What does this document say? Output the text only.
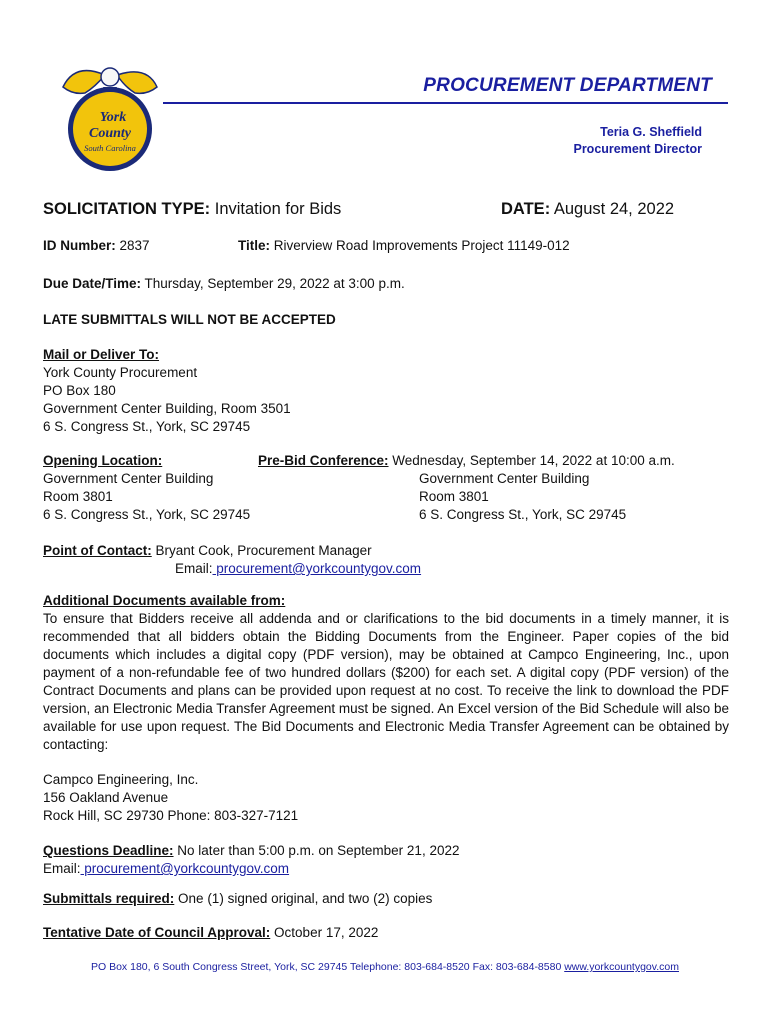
York
County
South Carolina
PROCUREMENT DEPARTMENT
Teria G. Sheffield
Procurement Director
SOLICITATION TYPE: Invitation for Bids	DATE: August 24, 2022
ID Number: 2837	Title: Riverview Road Improvements Project 11149-012
Due Date/Time: Thursday, September 29, 2022 at 3:00 p.m.
LATE SUBMITTALS WILL NOT BE ACCEPTED
Mail or Deliver To:
York County Procurement
PO Box 180
Government Center Building, Room 3501
6 S. Congress St., York, SC 29745
Opening Location:
Government Center Building
Room 3801
6 S. Congress St., York, SC 29745
Pre-Bid Conference: Wednesday, September 14, 2022 at 10:00 a.m.
Government Center Building
Room 3801
6 S. Congress St., York, SC 29745
Point of Contact: Bryant Cook, Procurement Manager
Email: procurement@yorkcountygov.com
Additional Documents available from:
To ensure that Bidders receive all addenda and or clarifications to the bid documents in a timely manner, it is recommended that all bidders obtain the Bidding Documents from the Engineer. Paper copies of the bid documents which includes a digital copy (PDF version), may be obtained at Campco Engineering, Inc., upon payment of a non-refundable fee of two hundred dollars ($200) for each set. A digital copy (PDF version) of the Contract Documents and plans can be provided upon request at no cost. To receive the link to download the PDF version, an Electronic Media Transfer Agreement must be signed. An Excel version of the Bid Schedule will also be available for use upon request. The Bid Documents and Electronic Media Transfer Agreement can be obtained by contacting:
Campco Engineering, Inc.
156 Oakland Avenue
Rock Hill, SC 29730 Phone: 803-327-7121
Questions Deadline: No later than 5:00 p.m. on September 21, 2022
Email: procurement@yorkcountygov.com
Submittals required: One (1) signed original, and two (2) copies
Tentative Date of Council Approval: October 17, 2022
PO Box 180, 6 South Congress Street, York, SC 29745 Telephone: 803-684-8520 Fax: 803-684-8580 www.yorkcountygov.com
